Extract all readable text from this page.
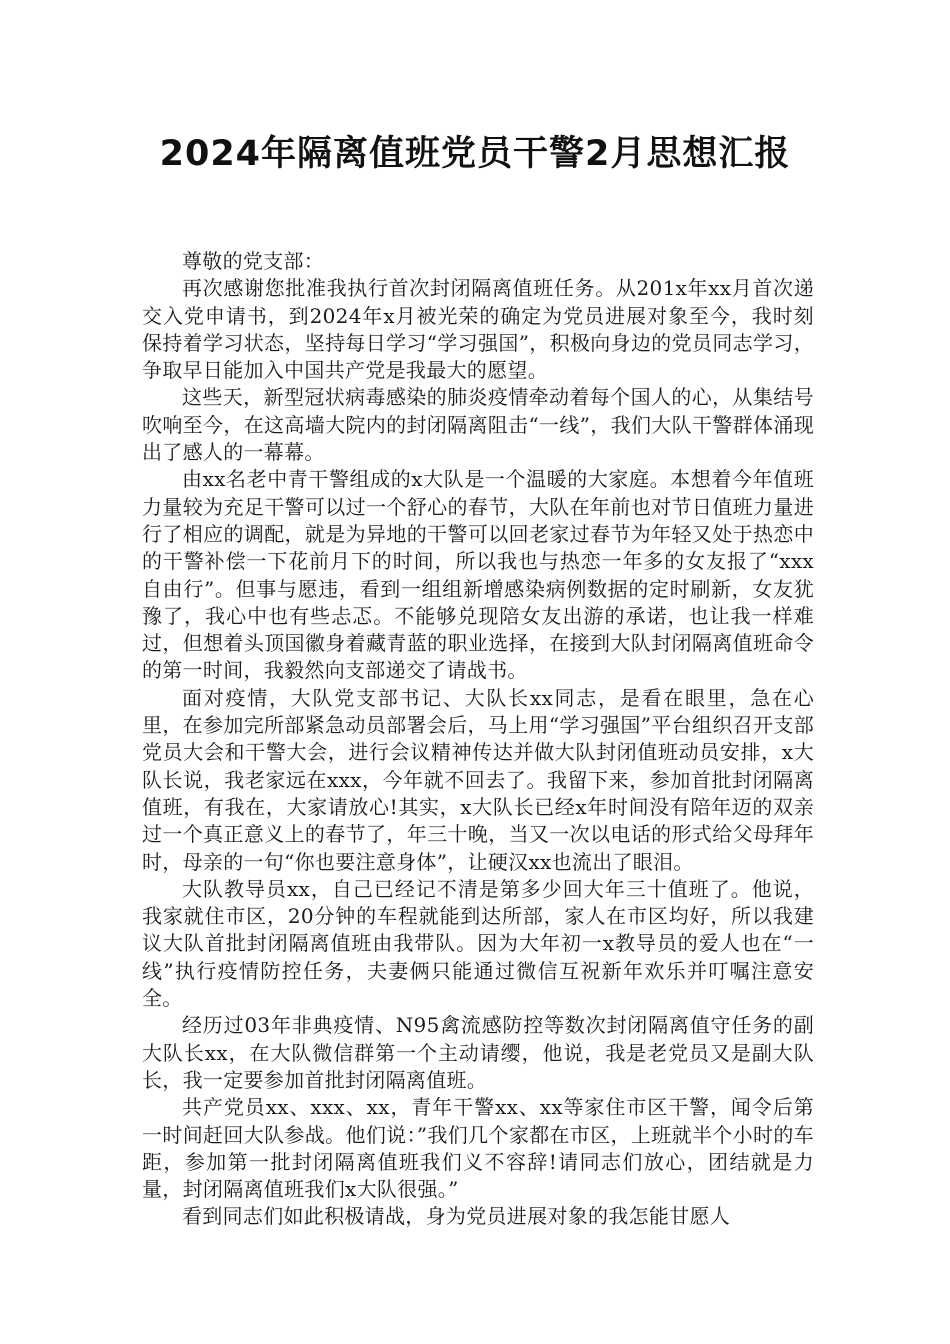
2024年隔离值班党员干警2月思想汇报

尊敬的党支部：

再次感谢您批准我执行首次封闭隔离值班任务。从201x年xx月首次递交入党申请书，到2024年x月被光荣的确定为党员进展对象至今，我时刻保持着学习状态，坚持每日学习“学习强国”，积极向身边的党员同志学习，争取早日能加入中国共产党是我最大的愿望。

这些天，新型冠状病毒感染的肺炎疫情牵动着每个国人的心，从集结号吹响至今，在这高墙大院内的封闭隔离阻击“一线”，我们大队干警群体涌现出了感人的一幕幕。

由xx名老中青干警组成的x大队是一个温暖的大家庭。本想着今年值班力量较为充足干警可以过一个舒心的春节，大队在年前也对节日值班力量进行了相应的调配，就是为异地的干警可以回老家过春节为年轻又处于热恋中的干警补偿一下花前月下的时间，所以我也与热恋一年多的女友报了“xxx自由行”。但事与愿违，看到一组组新增感染病例数据的定时刷新，女友犹豫了，我心中也有些忐忑。不能够兑现陪女友出游的承诺，也让我一样难过，但想着头顶国徽身着藏青蓝的职业选择，在接到大队封闭隔离值班命令的第一时间，我毅然向支部递交了请战书。

面对疫情，大队党支部书记、大队长xx同志，是看在眼里，急在心里，在参加完所部紧急动员部署会后，马上用“学习强国”平台组织召开支部党员大会和干警大会，进行会议精神传达并做大队封闭值班动员安排，x大队长说，我老家远在xxx，今年就不回去了。我留下来，参加首批封闭隔离值班，有我在，大家请放心!其实，x大队长已经x年时间没有陪年迈的双亲过一个真正意义上的春节了，年三十晚，当又一次以电话的形式给父母拜年时，母亲的一句“你也要注意身体”，让硬汉xx也流出了眼泪。

大队教导员xx，自己已经记不清是第多少回大年三十值班了。他说，我家就住市区，20分钟的车程就能到达所部，家人在市区均好，所以我建议大队首批封闭隔离值班由我带队。因为大年初一x教导员的爱人也在“一线”执行疫情防控任务，夫妻俩只能通过微信互祝新年欢乐并叮嘱注意安全。

经历过03年非典疫情、N95禽流感防控等数次封闭隔离值守任务的副大队长xx，在大队微信群第一个主动请缨，他说，我是老党员又是副大队长，我一定要参加首批封闭隔离值班。

共产党员xx、xxx、xx，青年干警xx、xx等家住市区干警，闻令后第一时间赶回大队参战。他们说：”我们几个家都在市区，上班就半个小时的车距，参加第一批封闭隔离值班我们义不容辞!请同志们放心，团结就是力量，封闭隔离值班我们x大队很强。”

看到同志们如此积极请战，身为党员进展对象的我怎能甘愿人
